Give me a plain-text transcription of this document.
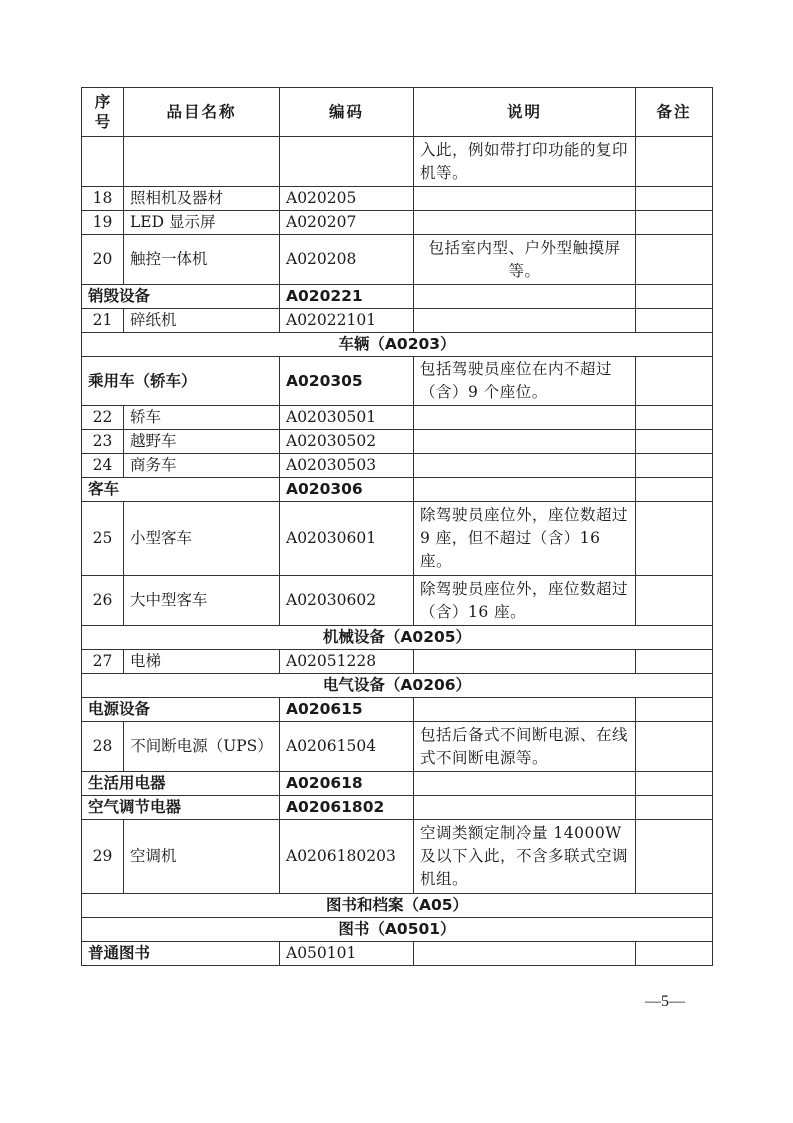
序号	品目名称	编码	说明	备注
			入此，例如带打印功能的复印机等。	
18	照相机及器材	A020205		
19	LED 显示屏	A020207		
20	触控一体机	A020208	包括室内型、户外型触摸屏等。	
销毁设备		A020221		
21	碎纸机	A02022101		
车辆（A0203）				
乘用车（轿车）		A020305	包括驾驶员座位在内不超过（含）9 个座位。	
22	轿车	A02030501		
23	越野车	A02030502		
24	商务车	A02030503		
客车		A020306		
25	小型客车	A02030601	除驾驶员座位外，座位数超过 9 座，但不超过（含）16 座。	
26	大中型客车	A02030602	除驾驶员座位外，座位数超过（含）16 座。	
机械设备（A0205）				
27	电梯	A02051228		
电气设备（A0206）				
电源设备		A020615		
28	不间断电源（UPS）	A02061504	包括后备式不间断电源、在线式不间断电源等。	
生活用电器		A020618		
空气调节电器		A02061802		
29	空调机	A0206180203	空调类额定制冷量 14000W 及以下入此，不含多联式空调机组。	
图书和档案（A05）				
图书（A0501）				
普通图书		A050101		
—5—
